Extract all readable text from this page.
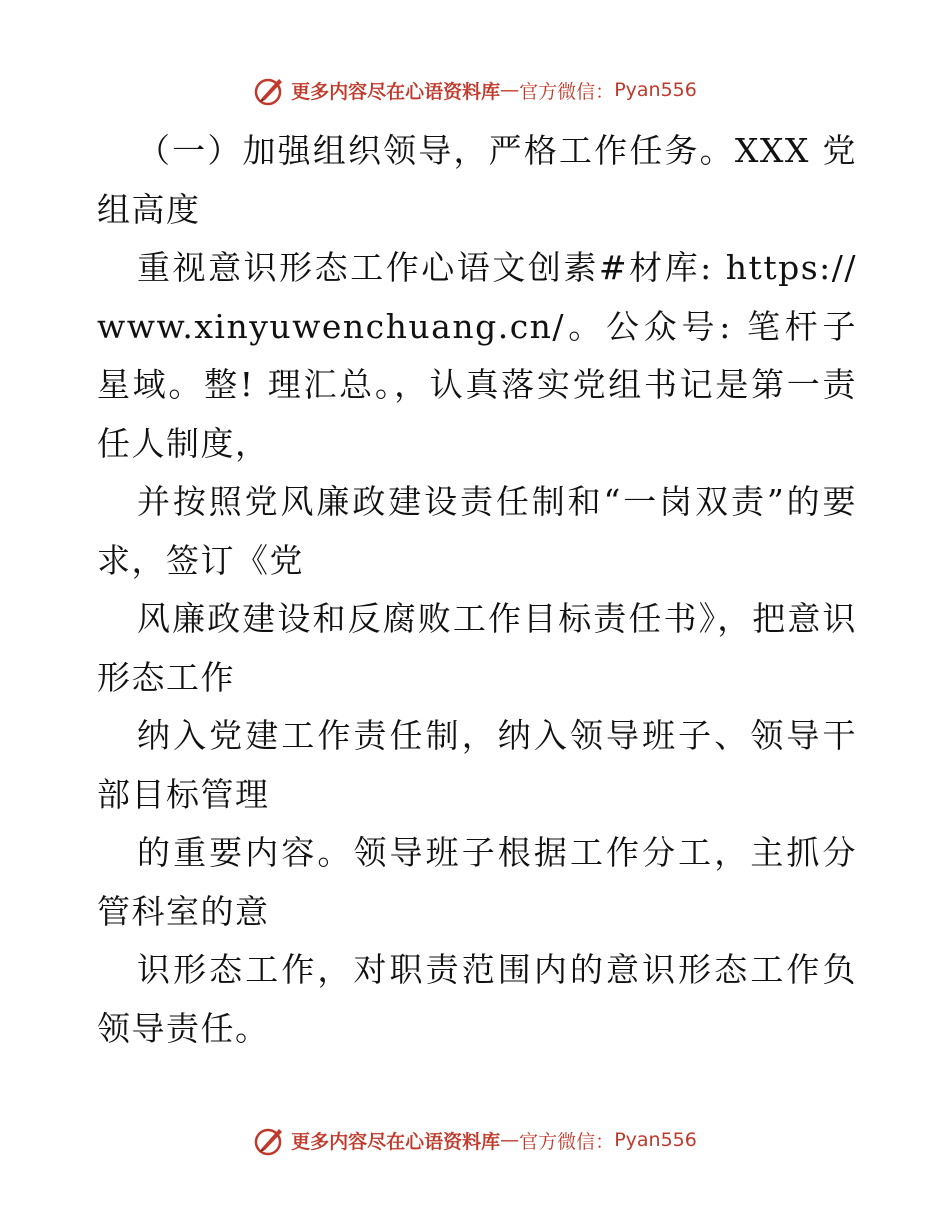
更多内容尽在心语资料库 — 官方微信： Pyan556

（一）加强组织领导，严格工作任务。XXX 党组高度

重视意识形态工作心语文创素#材库: https://www.xinyuwenchuang.cn/。公众号: 笔杆子星域。整! 理汇总。，认真落实党组书记是第一责任人制度，

并按照党风廉政建设责任制和“一岗双责”的要求，签订《党

风廉政建设和反腐败工作目标责任书》，把意识形态工作

纳入党建工作责任制，纳入领导班子、领导干部目标管理

的重要内容。领导班子根据工作分工，主抓分管科室的意

识形态工作，对职责范围内的意识形态工作负领导责任。

更多内容尽在心语资料库 — 官方微信： Pyan556
